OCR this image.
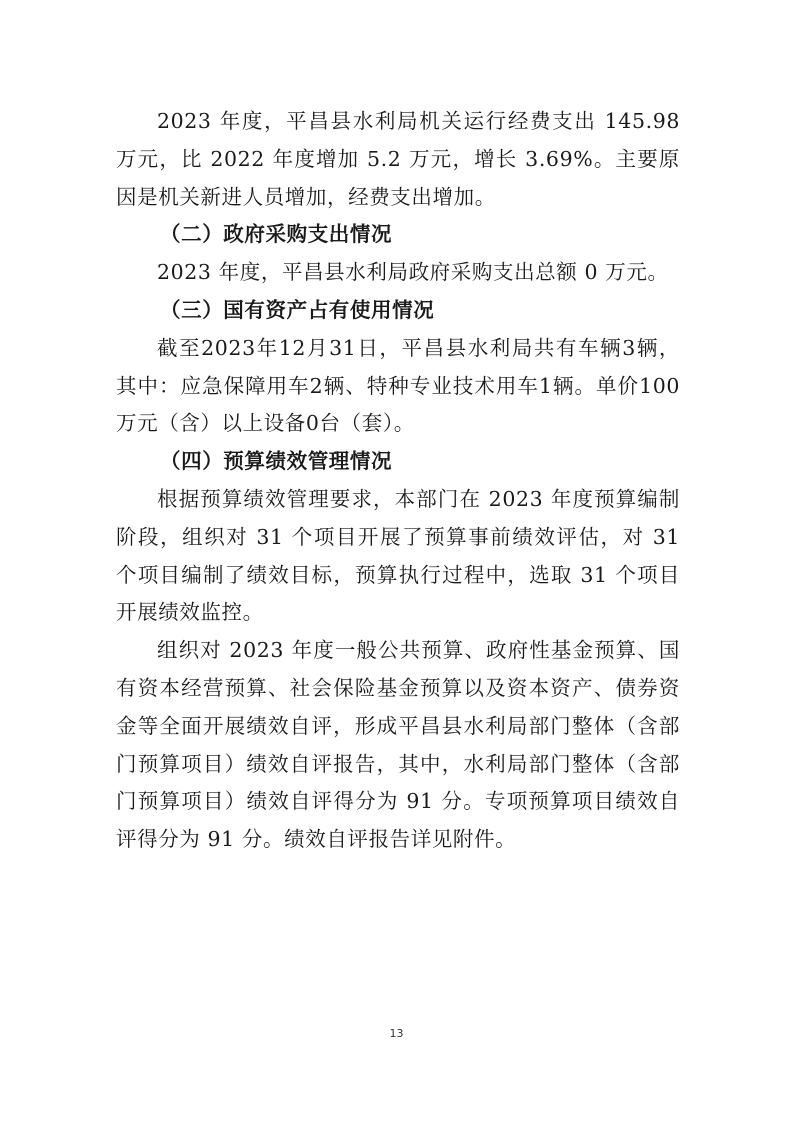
2023 年度，平昌县水利局机关运行经费支出 145.98 万元，比 2022 年度增加 5.2 万元，增长 3.69%。主要原因是机关新进人员增加，经费支出增加。

（二）政府采购支出情况

2023 年度，平昌县水利局政府采购支出总额 0 万元。

（三）国有资产占有使用情况

截至2023年12月31日，平昌县水利局共有车辆3辆，其中：应急保障用车2辆、特种专业技术用车1辆。单价100万元（含）以上设备0台（套）。

（四）预算绩效管理情况

根据预算绩效管理要求，本部门在 2023 年度预算编制阶段，组织对 31 个项目开展了预算事前绩效评估，对 31 个项目编制了绩效目标，预算执行过程中，选取 31 个项目开展绩效监控。

组织对 2023 年度一般公共预算、政府性基金预算、国有资本经营预算、社会保险基金预算以及资本资产、债券资金等全面开展绩效自评，形成平昌县水利局部门整体（含部门预算项目）绩效自评报告，其中，水利局部门整体（含部门预算项目）绩效自评得分为 91 分。专项预算项目绩效自评得分为 91 分。绩效自评报告详见附件。

13
